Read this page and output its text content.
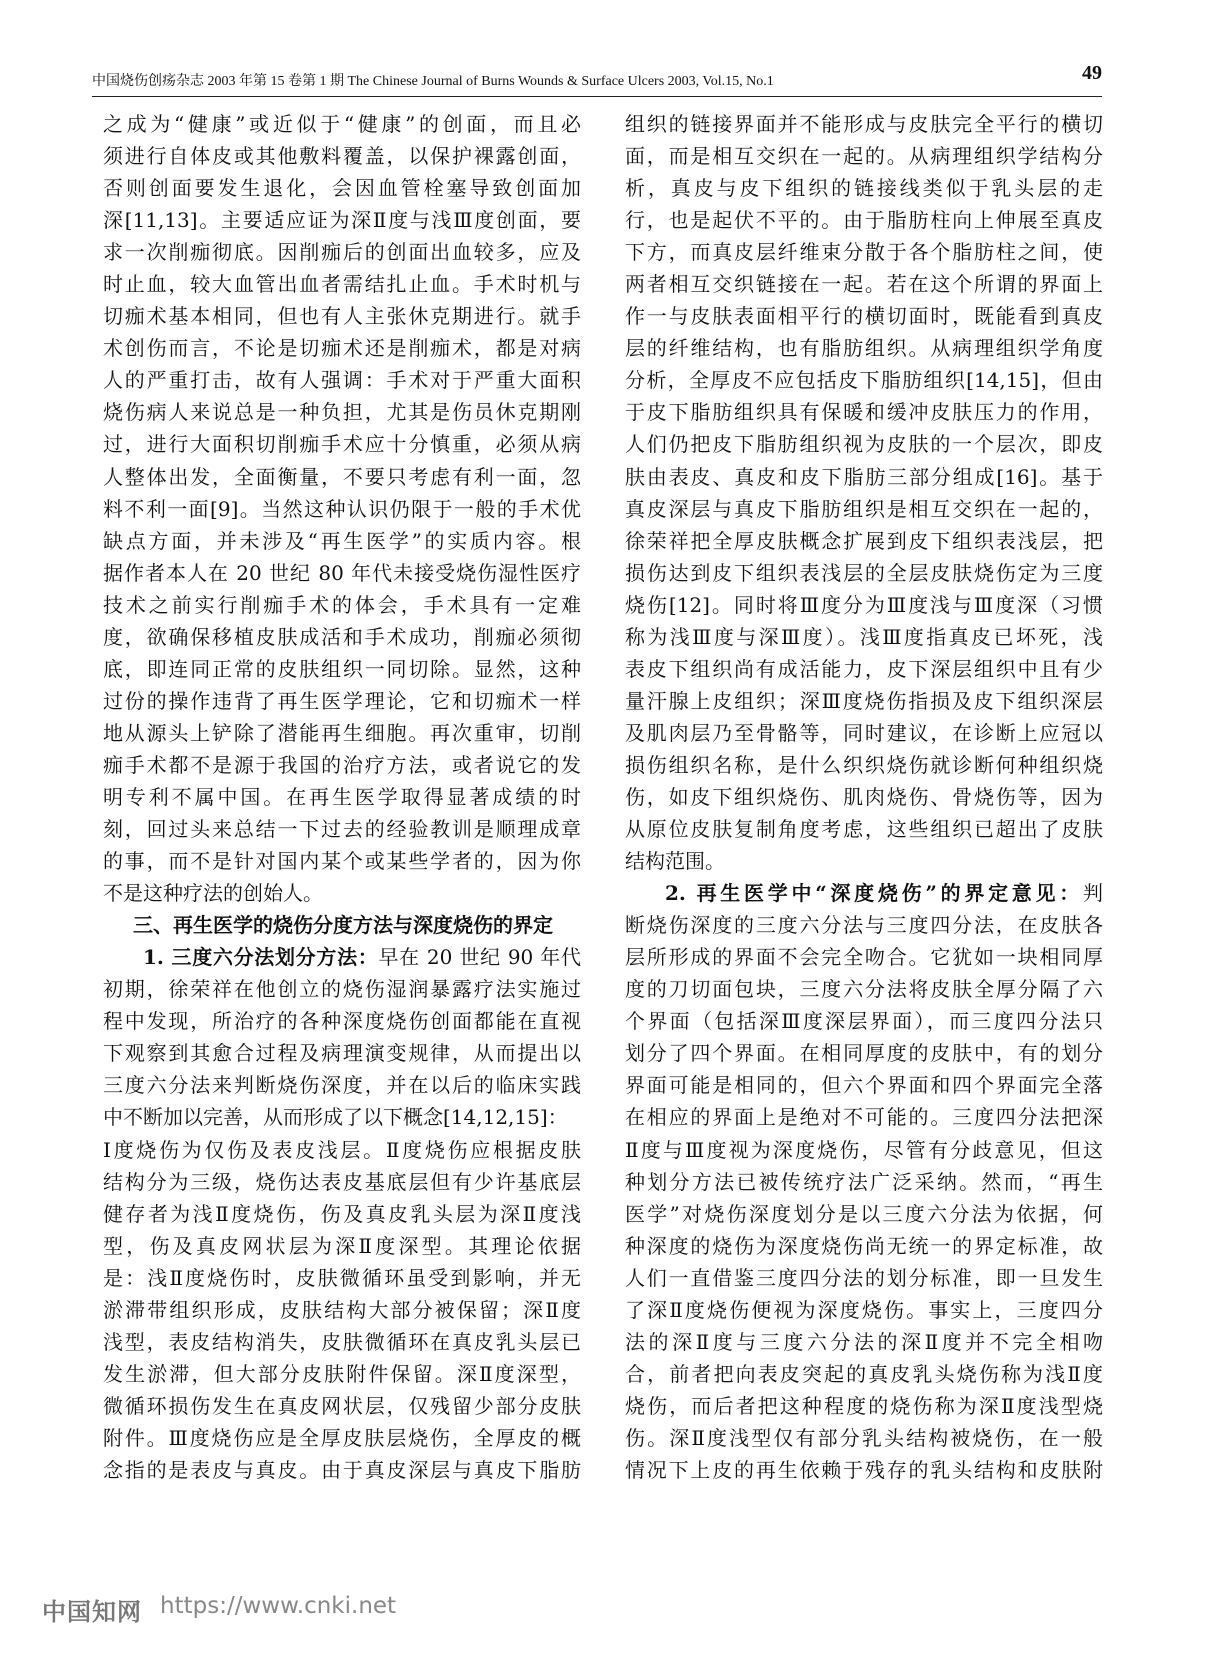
中国烧伤创疡杂志 2003 年第 15 卷第 1 期 The Chinese Journal of Burns Wounds & Surface Ulcers 2003, Vol.15, No.1	49
之成为“健康”或近似于“健康”的创面，而且必
须进行自体皮或其他敷料覆盖，以保护裸露创面，
否则创面要发生退化，会因血管栓塞导致创面加
深[11,13]。主要适应证为深Ⅱ度与浅Ⅲ度创面，要
求一次削痂彻底。因削痂后的创面出血较多，应及
时止血，较大血管出血者需结扎止血。手术时机与
切痂术基本相同，但也有人主张休克期进行。就手
术创伤而言，不论是切痂术还是削痂术，都是对病
人的严重打击，故有人强调：手术对于严重大面积
烧伤病人来说总是一种负担，尤其是伤员休克期刚
过，进行大面积切削痂手术应十分慎重，必须从病
人整体出发，全面衡量，不要只考虑有利一面，忽
料不利一面[9]。当然这种认识仍限于一般的手术优
缺点方面，并未涉及“再生医学”的实质内容。根
据作者本人在 20 世纪 80 年代未接受烧伤湿性医疗
技术之前实行削痂手术的体会，手术具有一定难
度，欲确保移植皮肤成活和手术成功，削痂必须彻
底，即连同正常的皮肤组织一同切除。显然，这种
过份的操作违背了再生医学理论，它和切痂术一样
地从源头上铲除了潜能再生细胞。再次重审，切削
痂手术都不是源于我国的治疗方法，或者说它的发
明专利不属中国。在再生医学取得显著成绩的时
刻，回过头来总结一下过去的经验教训是顺理成章
的事，而不是针对国内某个或某些学者的，因为你
不是这种疗法的创始人。
三、再生医学的烧伤分度方法与深度烧伤的界定
1. 三度六分法划分方法：早在 20 世纪 90 年代
初期，徐荣祥在他创立的烧伤湿润暴露疗法实施过
程中发现，所治疗的各种深度烧伤创面都能在直视
下观察到其愈合过程及病理演变规律，从而提出以
三度六分法来判断烧伤深度，并在以后的临床实践
中不断加以完善，从而形成了以下概念[14,12,15]：
Ⅰ度烧伤为仅伤及表皮浅层。Ⅱ度烧伤应根据皮肤
结构分为三级，烧伤达表皮基底层但有少许基底层
健存者为浅Ⅱ度烧伤，伤及真皮乳头层为深Ⅱ度浅
型，伤及真皮网状层为深Ⅱ度深型。其理论依据
是：浅Ⅱ度烧伤时，皮肤微循环虽受到影响，并无
淤滞带组织形成，皮肤结构大部分被保留；深Ⅱ度
浅型，表皮结构消失，皮肤微循环在真皮乳头层已
发生淤滞，但大部分皮肤附件保留。深Ⅱ度深型，
微循环损伤发生在真皮网状层，仅残留少部分皮肤
附件。Ⅲ度烧伤应是全厚皮肤层烧伤，全厚皮的概
念指的是表皮与真皮。由于真皮深层与真皮下脂肪
组织的链接界面并不能形成与皮肤完全平行的横切
面，而是相互交织在一起的。从病理组织学结构分
析，真皮与皮下组织的链接线类似于乳头层的走
行，也是起伏不平的。由于脂肪柱向上伸展至真皮
下方，而真皮层纤维束分散于各个脂肪柱之间，使
两者相互交织链接在一起。若在这个所谓的界面上
作一与皮肤表面相平行的横切面时，既能看到真皮
层的纤维结构，也有脂肪组织。从病理组织学角度
分析，全厚皮不应包括皮下脂肪组织[14,15]，但由
于皮下脂肪组织具有保暖和缓冲皮肤压力的作用，
人们仍把皮下脂肪组织视为皮肤的一个层次，即皮
肤由表皮、真皮和皮下脂肪三部分组成[16]。基于
真皮深层与真皮下脂肪组织是相互交织在一起的，
徐荣祥把全厚皮肤概念扩展到皮下组织表浅层，把
损伤达到皮下组织表浅层的全层皮肤烧伤定为三度
烧伤[12]。同时将Ⅲ度分为Ⅲ度浅与Ⅲ度深（习惯
称为浅Ⅲ度与深Ⅲ度）。浅Ⅲ度指真皮已坏死，浅
表皮下组织尚有成活能力，皮下深层组织中且有少
量汗腺上皮组织；深Ⅲ度烧伤指损及皮下组织深层
及肌肉层乃至骨骼等，同时建议，在诊断上应冠以
损伤组织名称，是什么织织烧伤就诊断何种组织烧
伤，如皮下组织烧伤、肌肉烧伤、骨烧伤等，因为
从原位皮肤复制角度考虑，这些组织已超出了皮肤
结构范围。
2. 再生医学中“深度烧伤”的界定意见：判
断烧伤深度的三度六分法与三度四分法，在皮肤各
层所形成的界面不会完全吻合。它犹如一块相同厚
度的刀切面包块，三度六分法将皮肤全厚分隔了六
个界面（包括深Ⅲ度深层界面），而三度四分法只
划分了四个界面。在相同厚度的皮肤中，有的划分
界面可能是相同的，但六个界面和四个界面完全落
在相应的界面上是绝对不可能的。三度四分法把深
Ⅱ度与Ⅲ度视为深度烧伤，尽管有分歧意见，但这
种划分方法已被传统疗法广泛采纳。然而，“再生
医学”对烧伤深度划分是以三度六分法为依据，何
种深度的烧伤为深度烧伤尚无统一的界定标准，故
人们一直借鉴三度四分法的划分标准，即一旦发生
了深Ⅱ度烧伤便视为深度烧伤。事实上，三度四分
法的深Ⅱ度与三度六分法的深Ⅱ度并不完全相吻
合，前者把向表皮突起的真皮乳头烧伤称为浅Ⅱ度
烧伤，而后者把这种程度的烧伤称为深Ⅱ度浅型烧
伤。深Ⅱ度浅型仅有部分乳头结构被烧伤，在一般
情况下上皮的再生依赖于残存的乳头结构和皮肤附
中国知网 https://www.cnki.net
